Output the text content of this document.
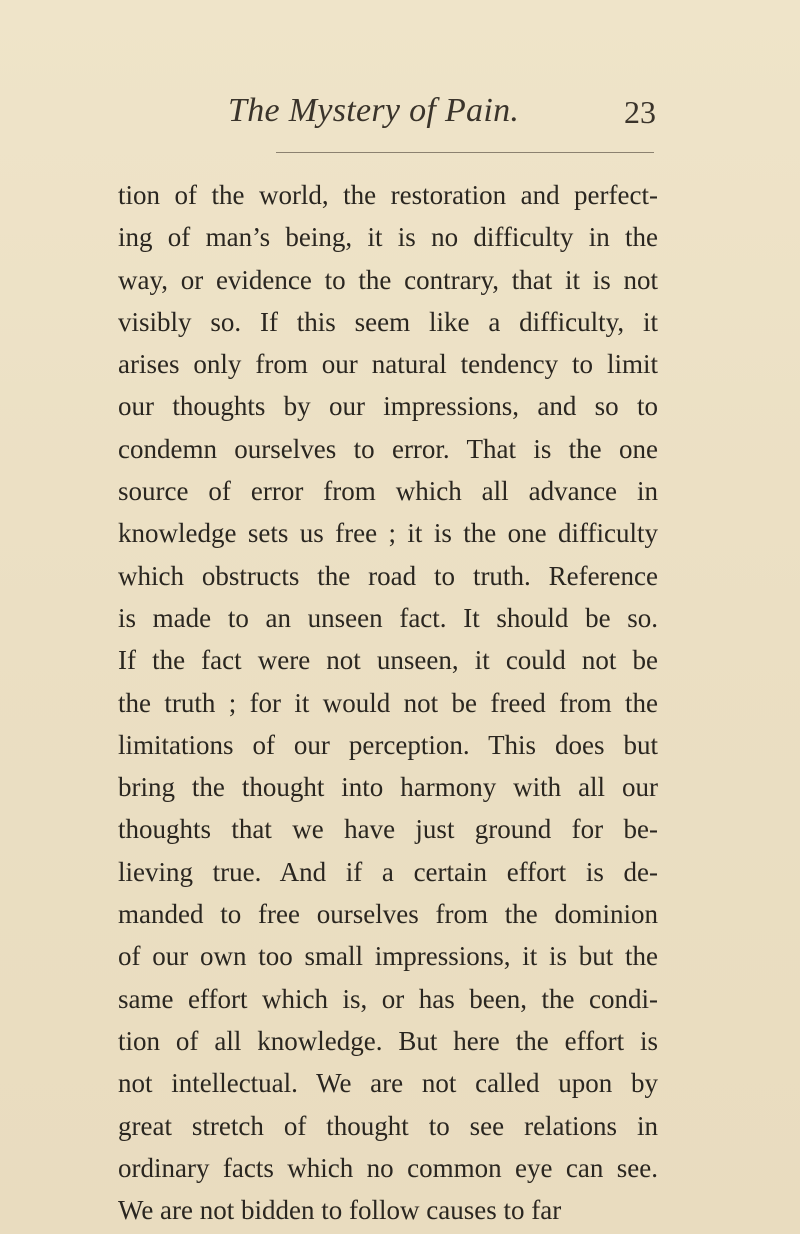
The Mystery of Pain.	23
tion of the world, the restoration and perfect-
ing of man’s being, it is no difficulty in the
way, or evidence to the contrary, that it is not
visibly so. If this seem like a difficulty, it
arises only from our natural tendency to limit
our thoughts by our impressions, and so to
condemn ourselves to error. That is the one
source of error from which all advance in
knowledge sets us free ; it is the one difficulty
which obstructs the road to truth. Reference
is made to an unseen fact. It should be so.
If the fact were not unseen, it could not be
the truth ; for it would not be freed from the
limitations of our perception. This does but
bring the thought into harmony with all our
thoughts that we have just ground for be-
lieving true. And if a certain effort is de-
manded to free ourselves from the dominion
of our own too small impressions, it is but the
same effort which is, or has been, the condi-
tion of all knowledge. But here the effort is
not intellectual. We are not called upon by
great stretch of thought to see relations in
ordinary facts which no common eye can see.
We are not bidden to follow causes to far
